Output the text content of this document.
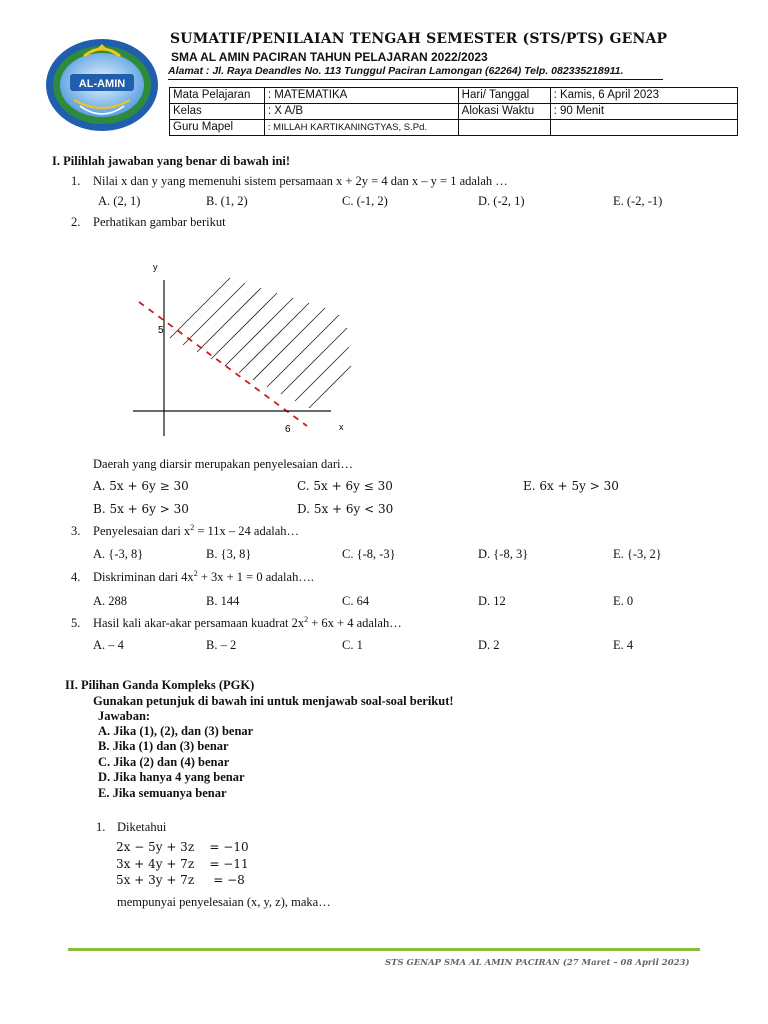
AL-AMIN
SUMATIF/PENILAIAN TENGAH SEMESTER (STS/PTS) GENAP
SMA AL AMIN PACIRAN TAHUN PELAJARAN 2022/2023
Alamat : Jl. Raya Deandles No. 113 Tunggul Paciran Lamongan (62264) Telp. 082335218911.
Mata Pelajaran	: MATEMATIKA	Hari/ Tanggal	: Kamis, 6 April 2023
Kelas	: X A/B	Alokasi Waktu	: 90 Menit
Guru Mapel	: MILLAH KARTIKANINGTYAS, S.Pd.		
I. Pilihlah jawaban yang benar di bawah ini!
1. Nilai x dan y yang memenuhi sistem persamaan x + 2y = 4 dan x – y = 1 adalah …
A. (2, 1)	B. (1, 2)	C. (-1, 2)	D. (-2, 1)	E. (-2, -1)
2. Perhatikan gambar berikut
y
x
5
6
Daerah yang diarsir merupakan penyelesaian dari…
A. 5x + 6y ≥ 30	C. 5x + 6y ≤ 30	E. 6x + 5y > 30
B. 5x + 6y > 30	D. 5x + 6y < 30
3. Penyelesaian dari $x^2 = 11x - 24$ adalah…
A. {-3, 8}	B. {3, 8}	C. {-8, -3}	D. {-8, 3}	E. {-3, 2}
4. Diskriminan dari $4x^2 + 3x + 1 = 0$ adalah….
A. 288	B. 144	C. 64	D. 12	E. 0
5. Hasil kali akar-akar persamaan kuadrat $2x^2 + 6x + 4$ adalah…
A. – 4	B. – 2	C. 1	D. 2	E. 4
II. Pilihan Ganda Kompleks (PGK)
Gunakan petunjuk di bawah ini untuk menjawab soal-soal berikut!
Jawaban:
A. Jika (1), (2), dan (3) benar
B. Jika (1) dan (3) benar
C. Jika (2) dan (4) benar
D. Jika hanya 4 yang benar
E. Jika semuanya benar
1. Diketahui
2x − 5y + 3z    = −10
3x + 4y + 7z    = −11
5x + 3y + 7z     = −8
mempunyai penyelesaian (x, y, z), maka…
STS GENAP SMA AL AMIN PACIRAN (27 Maret – 08 April 2023)
